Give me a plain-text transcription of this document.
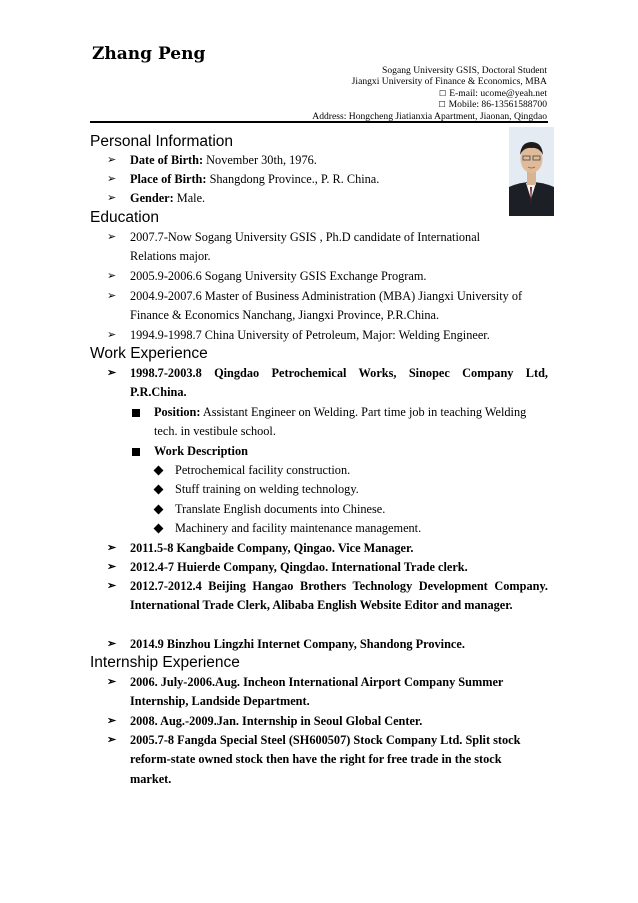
Zhang Peng
Sogang University GSIS, Doctoral Student
Jiangxi University of Finance & Economics, MBA
☐ E-mail: ucome@yeah.net
☐ Mobile: 86-13561588700
Address: Hongcheng Jiatianxia Apartment, Jiaonan, Qingdao
Personal Information
➢ Date of Birth: November 30th, 1976.
➢ Place of Birth: Shangdong Province., P. R. China.
➢ Gender: Male.
Education
➢ 2007.7-Now Sogang University GSIS , Ph.D candidate of International Relations major.
➢ 2005.9-2006.6 Sogang University GSIS Exchange Program.
➢ 2004.9-2007.6 Master of Business Administration (MBA) Jiangxi University of Finance & Economics Nanchang, Jiangxi Province, P.R.China.
➢ 1994.9-1998.7 China University of Petroleum, Major: Welding Engineer.
Work Experience
➢ 1998.7-2003.8 Qingdao Petrochemical Works, Sinopec Company Ltd, P.R.China.
Position: Assistant Engineer on Welding. Part time job in teaching Welding tech. in vestibule school.
Work Description
Petrochemical facility construction.
Stuff training on welding technology.
Translate English documents into Chinese.
Machinery and facility maintenance management.
➢ 2011.5-8 Kangbaide Company, Qingao. Vice Manager.
➢ 2012.4-7 Huierde Company, Qingdao. International Trade clerk.
➢ 2012.7-2012.4 Beijing Hangao Brothers Technology Development Company. International Trade Clerk, Alibaba English Website Editor and manager.
➢ 2014.9 Binzhou Lingzhi Internet Company, Shandong Province.
Internship Experience
➢ 2006. July-2006.Aug. Incheon International Airport Company Summer Internship, Landside Department.
➢ 2008. Aug.-2009.Jan. Internship in Seoul Global Center.
➢ 2005.7-8 Fangda Special Steel (SH600507) Stock Company Ltd. Split stock reform-state owned stock then have the right for free trade in the stock market.
